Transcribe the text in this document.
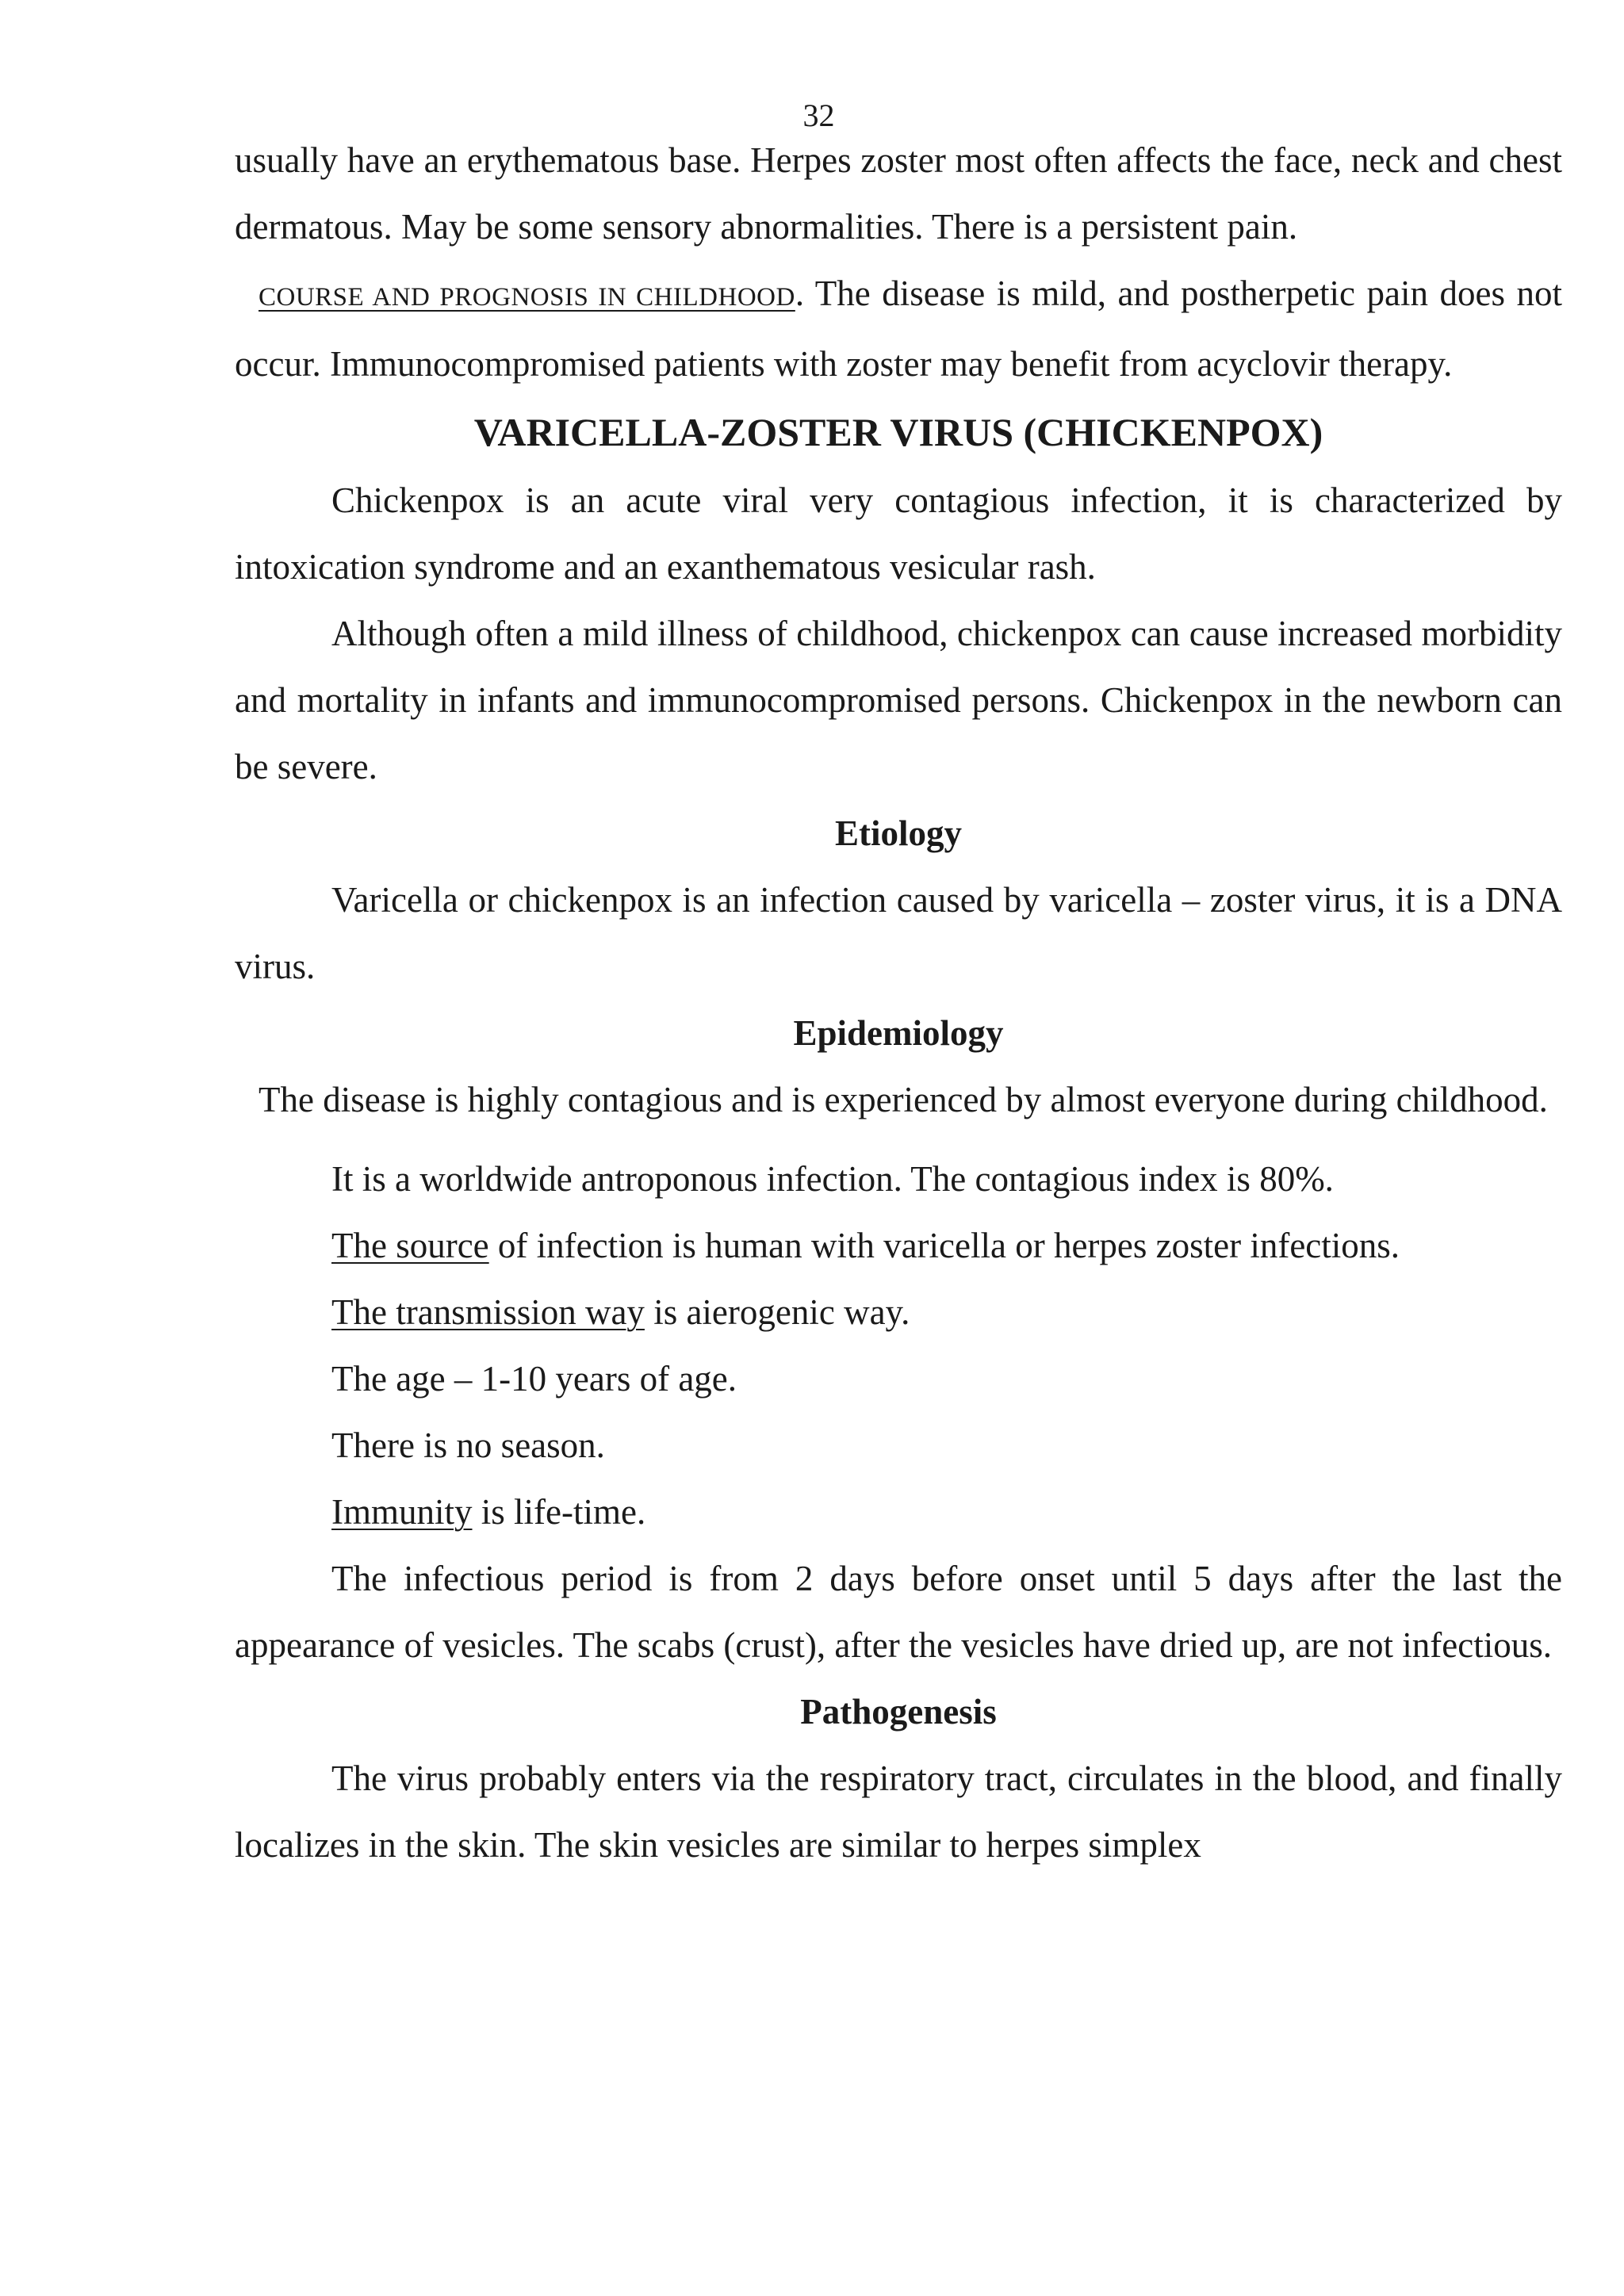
32

usually have an erythematous base. Herpes zoster most often affects the face, neck and chest dermatous. May be some sensory abnormalities. There is a persistent pain.

COURSE AND PROGNOSIS IN CHILDHOOD. The disease is mild, and postherpetic pain does not occur. Immunocompromised patients with zoster may benefit from acyclovir therapy.

VARICELLA-ZOSTER VIRUS (CHICKENPOX)

Chickenpox is an acute viral very contagious infection, it is characterized by intoxication syndrome and an exanthematous vesicular rash.

Although often a mild illness of childhood, chickenpox can cause increased morbidity and mortality in infants and immunocompromised persons. Chickenpox in the newborn can be severe.

Etiology

Varicella or chickenpox is an infection caused by varicella – zoster virus, it is a DNA virus.

Epidemiology

The disease is highly contagious and is experienced by almost everyone during childhood.

It is a worldwide antroponous infection. The contagious index is 80%.

The source of infection is human with varicella or herpes zoster infections.

The transmission way is aierogenic way.

The age – 1-10 years of age.

There is no season.

Immunity is life-time.

The infectious period is from 2 days before onset until 5 days after the last the appearance of vesicles. The scabs (crust), after the vesicles have dried up, are not infectious.

Pathogenesis

The virus probably enters via the respiratory tract, circulates in the blood, and finally localizes in the skin. The skin vesicles are similar to herpes simplex
